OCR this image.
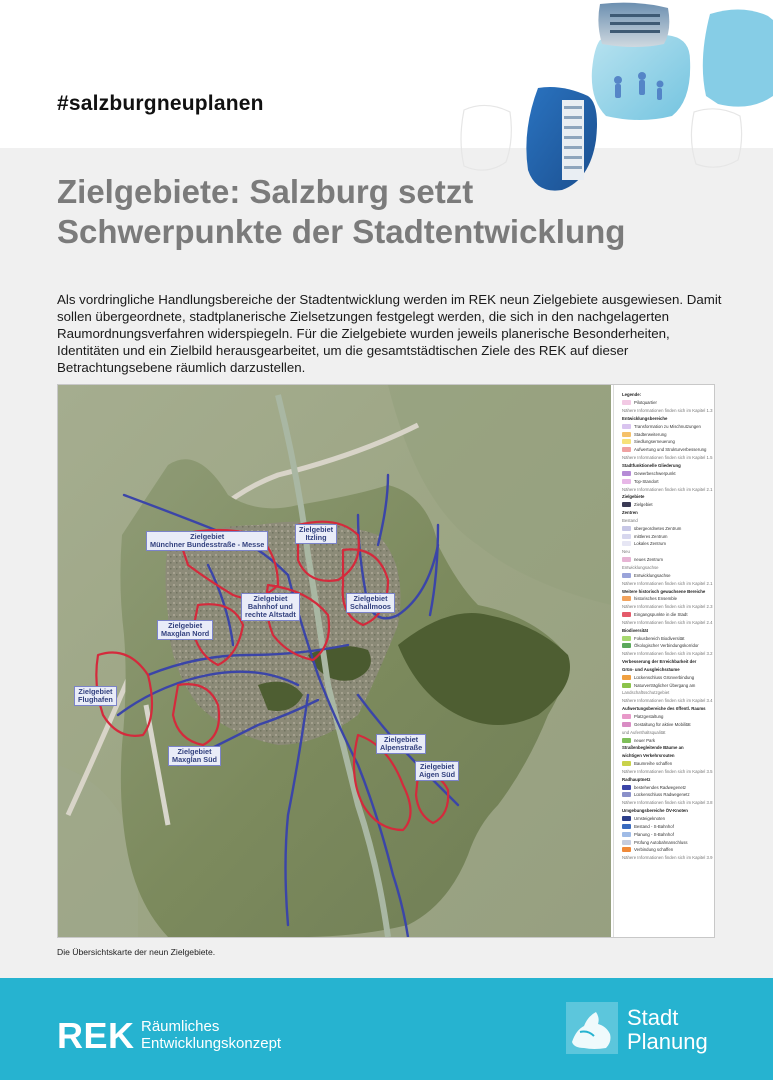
#salzburgneuplanen
Zielgebiete: Salzburg setzt
Schwerpunkte der Stadtentwicklung

Als vordringliche Handlungsbereiche der Stadtentwicklung werden im REK neun Zielgebiete ausgewiesen. Damit sollen übergeordnete, stadtplanerische Zielsetzungen festgelegt werden, die sich in den nachgelagerten Raumordnungsverfahren widerspiegeln. Für die Zielgebiete wurden jeweils planerische Besonderheiten, Identitäten und ein Zielbild herausgearbeitet, um die gesamtstädtischen Ziele des REK auf dieser Betrachtungsebene räumlich darzustellen.

Zielgebiet
Münchner Bundesstraße - Messe
Zielgebiet
Itzling
Zielgebiet
Bahnhof und
rechte Altstadt
Zielgebiet
Schallmoos
Zielgebiet
Maxglan Nord
Zielgebiet
Flughafen
Zielgebiet
Maxglan Süd
Zielgebiet
Alpenstraße
Zielgebiet
Aigen Süd
Legende:
Pilotquartier
Nähere Informationen finden sich im Kapitel 1.3
Entwicklungsbereiche
Transformation zu Mischnutzungen
Stadterweiterung
Siedlungserneuerung
Aufwertung und Strukturverbesserung
Nähere Informationen finden sich im Kapitel 1.5
Stadtfunktionelle Gliederung
Gewerbeschwerpunkt
Top-Standort
Nähere Informationen finden sich im Kapitel 2.1
Zielgebiete
Zielgebiet
Zentren
Bestand
übergeordnetes Zentrum
mittleres Zentrum
Lokales Zentrum
Neu
neues Zentrum
Entwicklungsachse
Entwicklungsachse
Nähere Informationen finden sich im Kapitel 2.1
Weitere historisch gewachsene Bereiche
historisches Ensemble
Nähere Informationen finden sich im Kapitel 2.3
Eingangspunkte in die Stadt
Nähere Informationen finden sich im Kapitel 2.4
Biodiversität
Fokusbereich Biodiversität
Ökologischer Verbindungskorridor
Nähere Informationen finden sich im Kapitel 3.2
Verbesserung der Erreichbarkeit der
Grün- und Ausgleichsräume
Lückenschluss Grünverbindung
Naturverträglicher Übergang am
Landschaftsschutzgebiet
Nähere Informationen finden sich im Kapitel 3.4
Aufwertungsbereiche des öffentl. Raums
Platzgestaltung
Gestaltung für aktive Mobilität
und Aufenthaltsqualität
neuer Park
Straßenbegleitende Bäume an
wichtigen Verkehrsrouten
Baumreihe schaffen
Nähere Informationen finden sich im Kapitel 3.5
Radhauptnetz
bestehendes Radwegenetz
Lückenschluss Radwegenetz
Nähere Informationen finden sich im Kapitel 3.8
Umgebungsbereiche ÖV-Knoten
Umsteigeknoten
Bestand - S-Bahnhof
Planung - S-Bahnhof
Prüfung Autobahnanschluss
Verbindung schaffen
Nähere Informationen finden sich im Kapitel 3.9
Die Übersichtskarte der neun Zielgebiete.
REK Räumliches
Entwicklungskonzept
Stadt
Planung
